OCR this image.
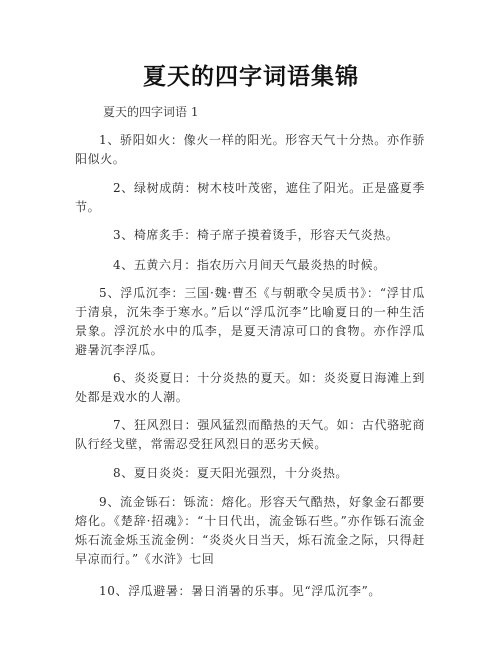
夏天的四字词语集锦
夏天的四字词语 1

1、骄阳如火：像火一样的阳光。形容天气十分热。亦作骄阳似火。

2、绿树成荫：树木枝叶茂密，遮住了阳光。正是盛夏季节。

3、椅席炙手：椅子席子摸着烫手，形容天气炎热。

4、五黄六月：指农历六月间天气最炎热的时候。

5、浮瓜沉李：三国·魏·曹丕《与朝歌令吴质书》：“浮甘瓜于清泉，沉朱李于寒水。”后以“浮瓜沉李”比喻夏日的一种生活景象。浮沉於水中的瓜李，是夏天清凉可口的食物。亦作浮瓜避暑沉李浮瓜。

6、炎炎夏日：十分炎热的夏天。如：炎炎夏日海滩上到处都是戏水的人潮。

7、狂风烈日：强风猛烈而酷热的天气。如：古代骆驼商队行经戈壁，常需忍受狂风烈日的恶劣天候。

8、夏日炎炎：夏天阳光强烈，十分炎热。

9、流金铄石：铄流：熔化。形容天气酷热，好象金石都要熔化。《楚辞·招魂》：“十日代出，流金铄石些。”亦作铄石流金烁石流金烁玉流金例：“炎炎火日当天，烁石流金之际，只得赶早凉而行。”《水浒》七回

10、浮瓜避暑：暑日消暑的乐事。见“浮瓜沉李”。
